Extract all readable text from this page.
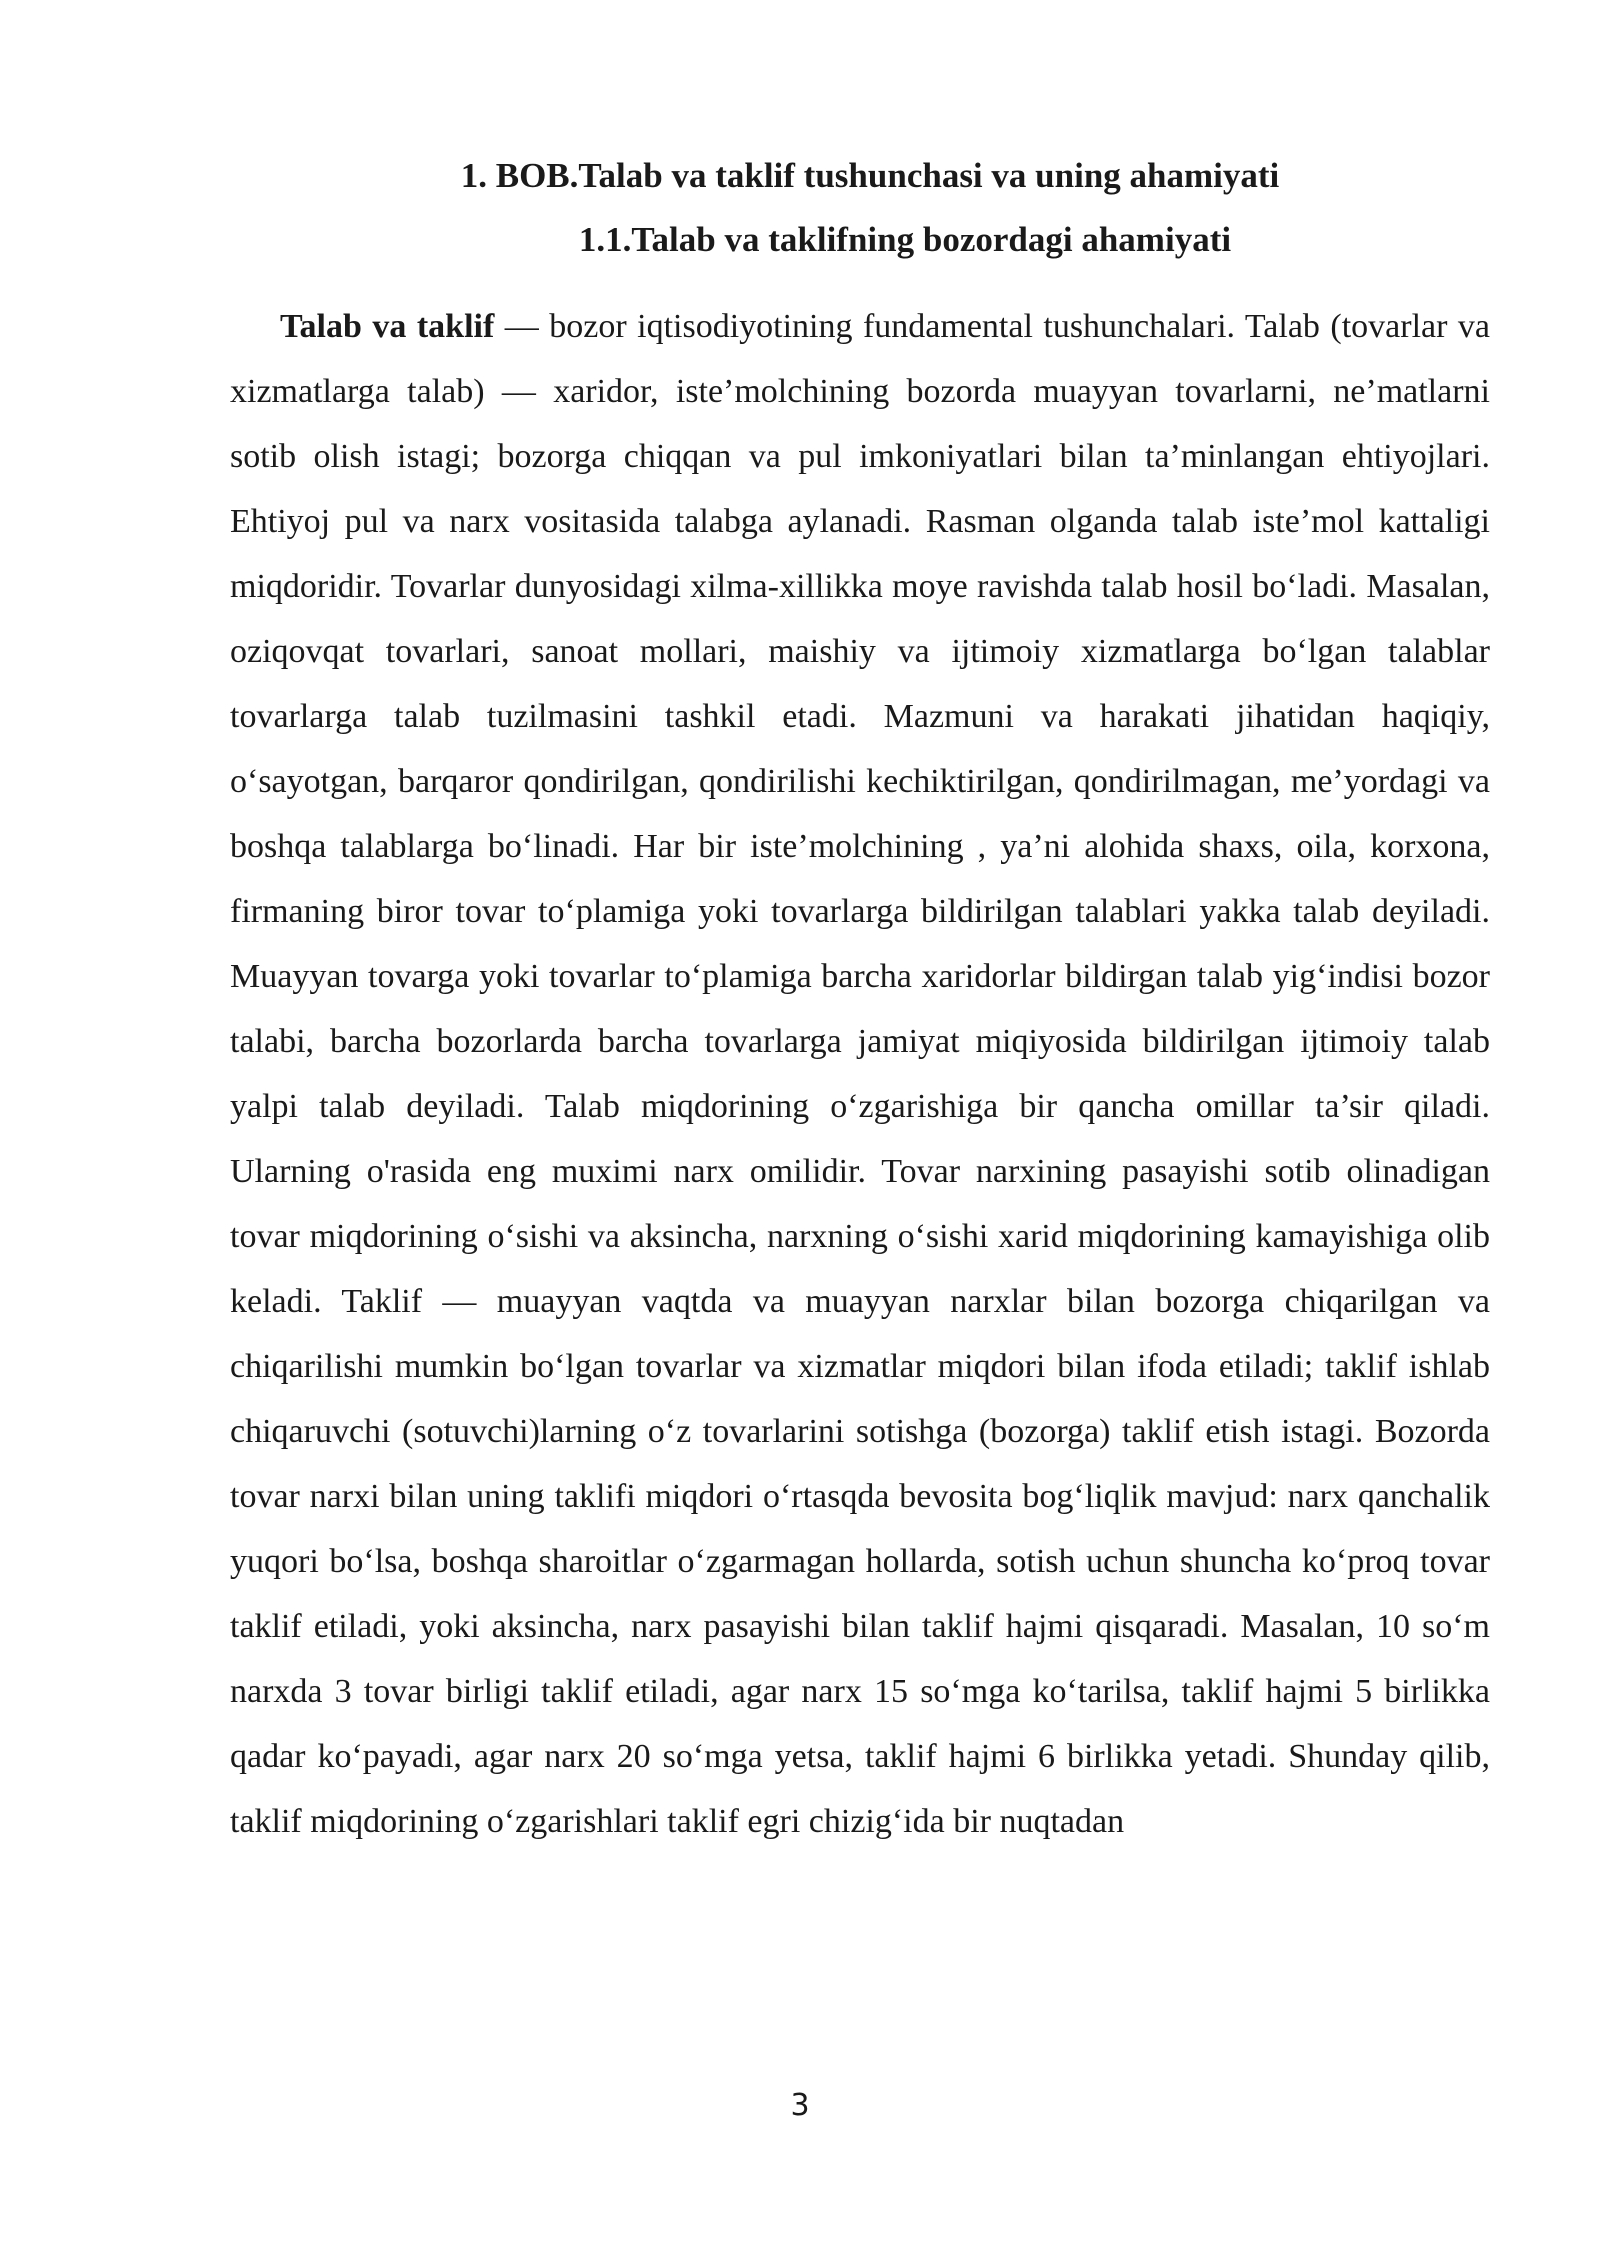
1. BOB.Talab va taklif tushunchasi va uning ahamiyati
1.1.Talab va taklifning bozordagi ahamiyati

Talab va taklif — bozor iqtisodiyotining fundamental tushunchalari. Talab (tovarlar va xizmatlarga talab) — xaridor, iste’molchining bozorda muayyan tovarlarni, ne’matlarni sotib olish istagi; bozorga chiqqan va pul imkoniyatlari bilan ta’minlangan ehtiyojlari. Ehtiyoj pul va narx vositasida talabga aylanadi. Rasman olganda talab iste’mol kattaligi miqdoridir. Tovarlar dunyosidagi xilma-xillikka moye ravishda talab hosil bo‘ladi. Masalan, oziqovqat tovarlari, sanoat mollari, maishiy va ijtimoiy xizmatlarga bo‘lgan talablar tovarlarga talab tuzilmasini tashkil etadi. Mazmuni va harakati jihatidan haqiqiy, o‘sayotgan, barqaror qondirilgan, qondirilishi kechiktirilgan, qondirilmagan, me’yordagi va boshqa talablarga bo‘linadi. Har bir iste’molchining , ya’ni alohida shaxs, oila, korxona, firmaning biror tovar to‘plamiga yoki tovarlarga bildirilgan talablari yakka talab deyiladi. Muayyan tovarga yoki tovarlar to‘plamiga barcha xaridorlar bildirgan talab yig‘indisi bozor talabi, barcha bozorlarda barcha tovarlarga jamiyat miqiyosida bildirilgan ijtimoiy talab yalpi talab deyiladi. Talab miqdorining o‘zgarishiga bir qancha omillar ta’sir qiladi. Ularning o'rasida eng muximi narx omilidir. Tovar narxining pasayishi sotib olinadigan tovar miqdorining o‘sishi va aksincha, narxning o‘sishi xarid miqdorining kamayishiga olib keladi. Taklif — muayyan vaqtda va muayyan narxlar bilan bozorga chiqarilgan va chiqarilishi mumkin bo‘lgan tovarlar va xizmatlar miqdori bilan ifoda etiladi; taklif ishlab chiqaruvchi (sotuvchi)larning o‘z tovarlarini sotishga (bozorga) taklif etish istagi. Bozorda tovar narxi bilan uning taklifi miqdori o‘rtasqda bevosita bog‘liqlik mavjud: narx qanchalik yuqori bo‘lsa, boshqa sharoitlar o‘zgarmagan hollarda, sotish uchun shuncha ko‘proq tovar taklif etiladi, yoki aksincha, narx pasayishi bilan taklif hajmi qisqaradi. Masalan, 10 so‘m narxda 3 tovar birligi taklif etiladi, agar narx 15 so‘mga ko‘tarilsa, taklif hajmi 5 birlikka qadar ko‘payadi, agar narx 20 so‘mga yetsa, taklif hajmi 6 birlikka yetadi. Shunday qilib, taklif miqdorining o‘zgarishlari taklif egri chizig‘ida bir nuqtadan

3
